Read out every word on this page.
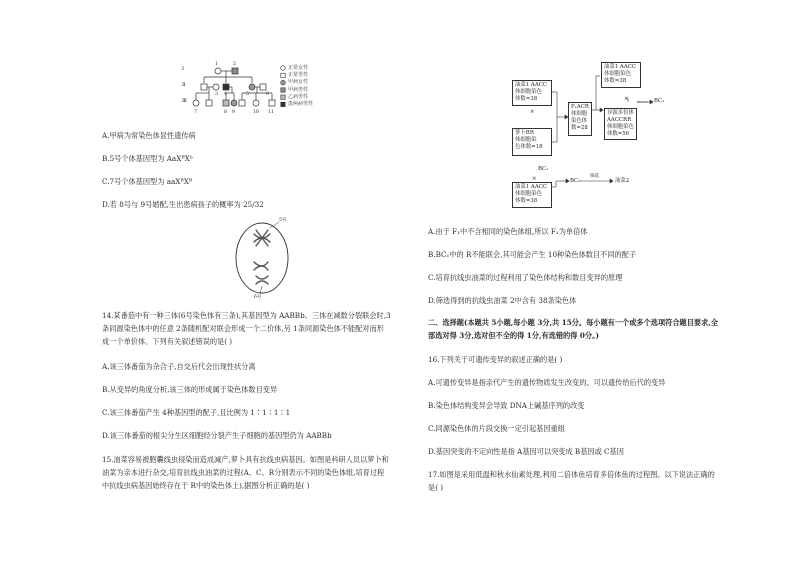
Ⅰ
Ⅱ
Ⅲ
1	2
3 4	5	6
7	8 9	10 11
正常女性
正常男性
甲病女性
甲病男性
乙病男性
患两病男性
A.甲病为常染色体显性遗传病
B.5号个体基因型为 AaXᴮXᵇ
C.7号个体基因型为 aaXᴮXᴮ
D.若 8号与 9号婚配,生出患病孩子的概率为 25/32
5号
6号
14.某番茄中有一种三体(6号染色体有三条),其基因型为 AABBb。三体在减数分裂联会时,3
条同源染色体中的任意 2条随机配对联会形成一个二价体,另 1条同源染色体不能配对而形
成一个单价体。下列有关叙述错误的是( )
A.该三体番茄为杂合子,自交后代会出现性状分离
B.从变异的角度分析,该三体的形成属于染色体数目变异
C.该三体番茄产生 4种基因型的配子,且比例为 1∶1∶1∶1
D.该三体番茄的根尖分生区细胞经分裂产生子细胞的基因型仍为 AABBb
15.油菜容易被胞囊线虫侵染而造成减产,萝卜具有抗线虫病基因。如图是科研人员以萝卜和
油菜为亲本进行杂交,培育抗线虫油菜的过程(A、C、R分别表示不同的染色体组,培育过程
中抗线虫病基因始终存在于 R中的染色体上),据图分析正确的是( )
油菜1 AACC
体细胞染色
体数=38
×
萝卜RR
体细胞染
色体数=18
F₁ACR
体细胞
染色体
数=28
油菜1 AACC
体细胞染色
体数=38
×
异源多倍体
AACCRR
体细胞染色
体数=56
BC₁
BC₁
×
油菜1 AACC
体细胞染色
体数=38
BC₂
筛选
油菜2
A.由于 F₁中不含相同的染色体组,所以 F₁为单倍体
B.BC₁中的 R不能联会,其可能会产生 10种染色体数目不同的配子
C.培育抗线虫油菜的过程利用了染色体结构和数目变异的原理
D.筛选得到的抗线虫油菜 2中含有 38条染色体
二、选择题(本题共 5小题,每小题 3分,共 15分。每小题有一个或多个选项符合题目要求,全
部选对得 3分,选对但不全的得 1分,有选错的得 0分。)
16.下列关于可遗传变异的叙述正确的是( )
A.可遗传变异是指亲代产生的遗传物质发生改变的、可以遗传给后代的变异
B.染色体结构变异会导致 DNA上碱基序列的改变
C.同源染色体的片段交换一定引起基因重组
D.基因突变的不定向性是指 A基因可以突变成 B基因或 C基因
17.如图是采用低温和秋水仙素处理,利用二倍体鱼培育多倍体鱼的过程图。以下说法正确的
是( )
